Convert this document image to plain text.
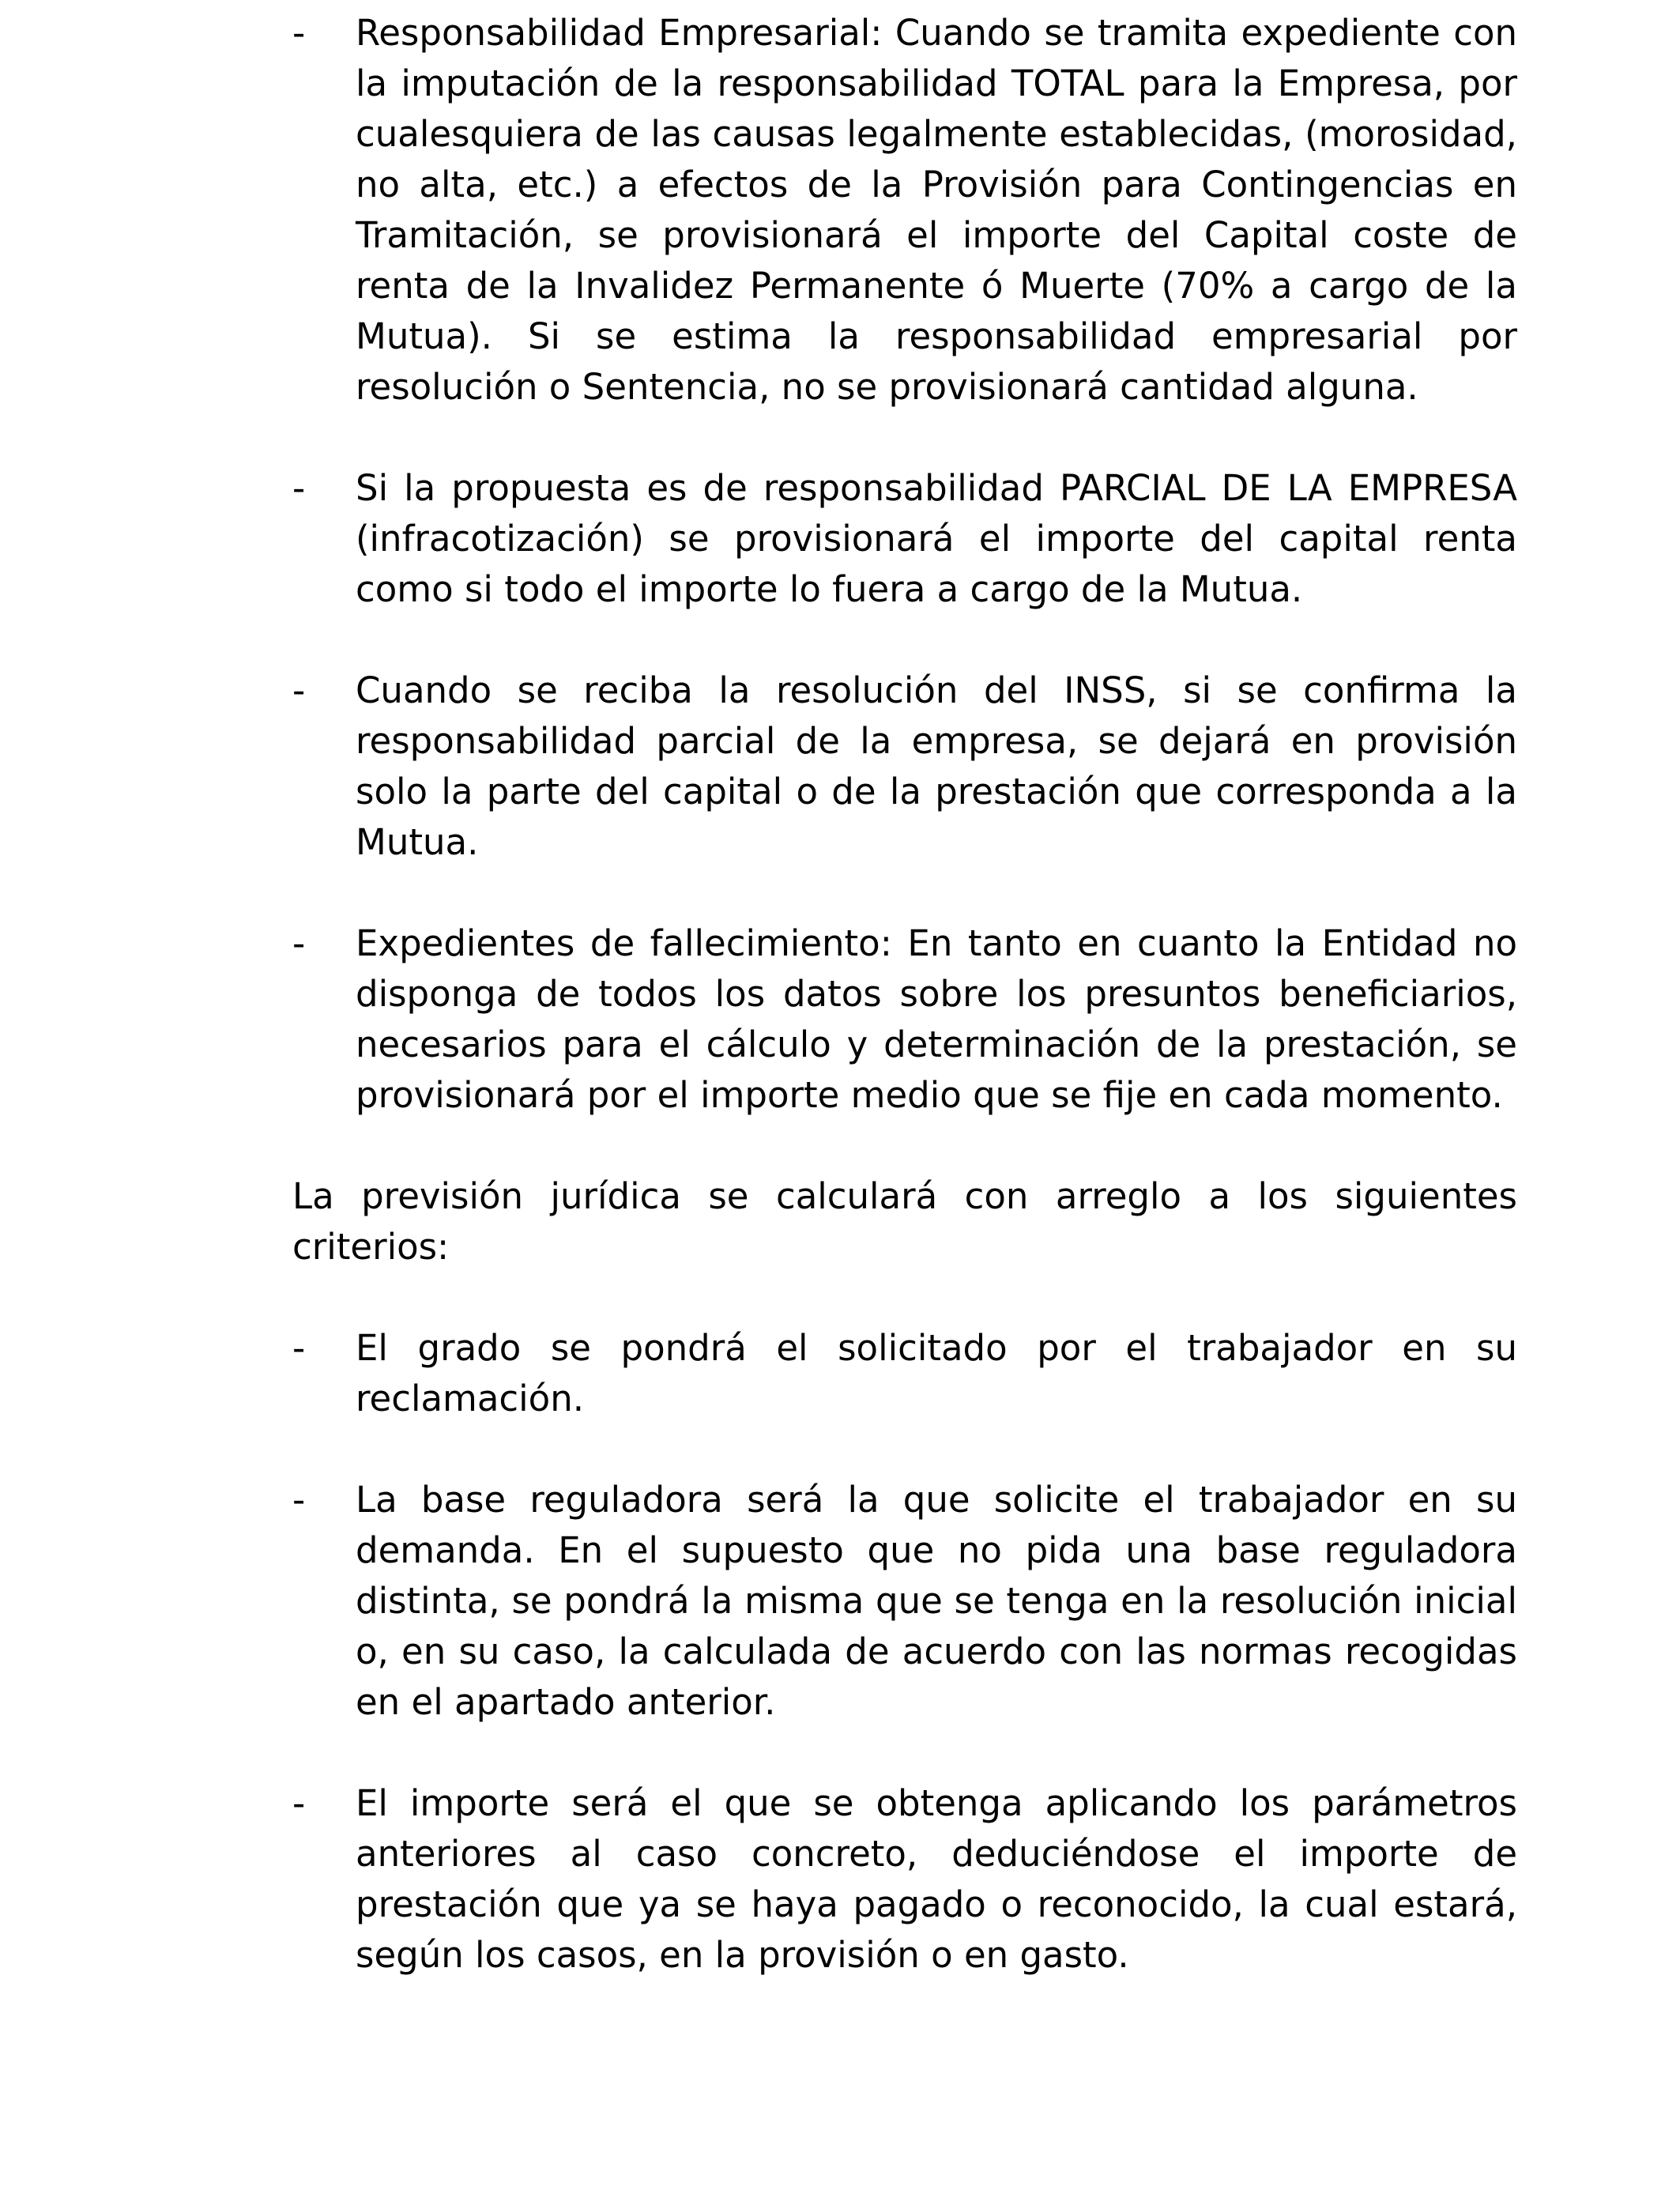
-	Responsabilidad Empresarial: Cuando se tramita expediente con la imputación de la responsabilidad TOTAL para la Empresa, por cualesquiera de las causas legalmente establecidas, (morosidad, no alta, etc.) a efectos de la Provisión para Contingencias en Tramitación, se provisionará el importe del Capital coste de renta de la Invalidez Permanente ó Muerte (70% a cargo de la Mutua). Si se estima la responsabilidad empresarial por resolución o Sentencia, no se provisionará cantidad alguna.

-	Si la propuesta es de responsabilidad PARCIAL DE LA EMPRESA (infracotización) se provisionará el importe del capital renta como si todo el importe lo fuera a cargo de la Mutua.

-	Cuando se reciba la resolución del INSS, si se confirma la responsabilidad parcial de la empresa, se dejará en provisión solo la parte del capital o de la prestación que corresponda a la Mutua.

-	Expedientes de fallecimiento: En tanto en cuanto la Entidad no disponga de todos los datos sobre los presuntos beneficiarios, necesarios para el cálculo y determinación de la prestación, se provisionará por el importe medio que se fije en cada momento.

La previsión jurídica se calculará con arreglo a los siguientes criterios:

-	El grado se pondrá el solicitado por el trabajador en su reclamación.

-	La base reguladora será la que solicite el trabajador en su demanda. En el supuesto que no pida una base reguladora distinta, se pondrá la misma que se tenga en la resolución inicial o, en su caso, la calculada de acuerdo con las normas recogidas en el apartado anterior.

-	El importe será el que se obtenga aplicando los parámetros anteriores al caso concreto, deduciéndose el importe de prestación que ya se haya pagado o reconocido, la cual estará, según los casos, en la provisión o en gasto.
